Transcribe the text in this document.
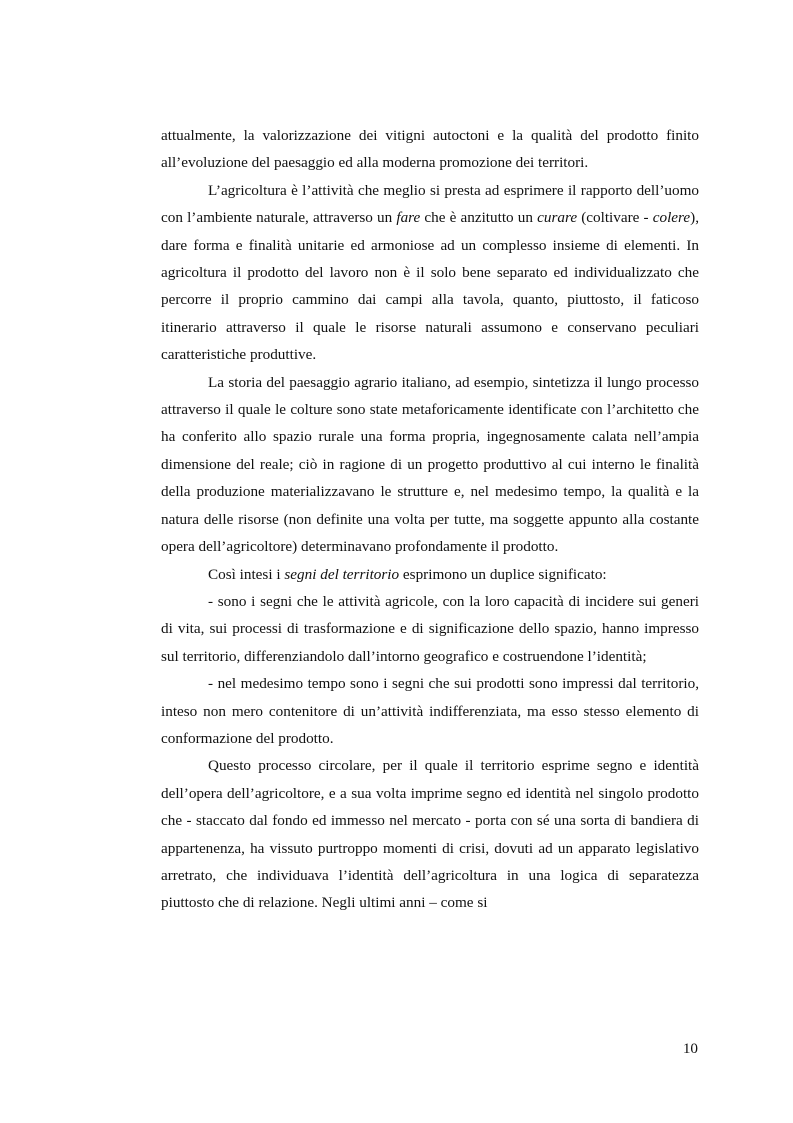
attualmente, la valorizzazione dei vitigni autoctoni e la qualità del prodotto finito all’evoluzione del paesaggio ed alla moderna promozione dei territori.

L’agricoltura è l’attività che meglio si presta ad esprimere il rapporto dell’uomo con l’ambiente naturale, attraverso un fare che è anzitutto un curare (coltivare - colere), dare forma e finalità unitarie ed armoniose ad un complesso insieme di elementi. In agricoltura il prodotto del lavoro non è il solo bene separato ed individualizzato che percorre il proprio cammino dai campi alla tavola, quanto, piuttosto, il faticoso itinerario attraverso il quale le risorse naturali assumono e conservano peculiari caratteristiche produttive.

La storia del paesaggio agrario italiano, ad esempio, sintetizza il lungo processo attraverso il quale le colture sono state metaforicamente identificate con l’architetto che ha conferito allo spazio rurale una forma propria, ingegnosamente calata nell’ampia dimensione del reale; ciò in ragione di un progetto produttivo al cui interno le finalità della produzione materializzavano le strutture e, nel medesimo tempo, la qualità e la natura delle risorse (non definite una volta per tutte, ma soggette appunto alla costante opera dell’agricoltore) determinavano profondamente il prodotto.

Così intesi i segni del territorio esprimono un duplice significato:

- sono i segni che le attività agricole, con la loro capacità di incidere sui generi di vita, sui processi di trasformazione e di significazione dello spazio, hanno impresso sul territorio, differenziandolo dall’intorno geografico e costruendone l’identità;

- nel medesimo tempo sono i segni che sui prodotti sono impressi dal territorio, inteso non mero contenitore di un’attività indifferenziata, ma esso stesso elemento di conformazione del prodotto.

Questo processo circolare, per il quale il territorio esprime segno e identità dell’opera dell’agricoltore, e a sua volta imprime segno ed identità nel singolo prodotto che - staccato dal fondo ed immesso nel mercato - porta con sé una sorta di bandiera di appartenenza, ha vissuto purtroppo momenti di crisi, dovuti ad un apparato legislativo arretrato, che individuava l’identità dell’agricoltura in una logica di separatezza piuttosto che di relazione. Negli ultimi anni – come si

10
